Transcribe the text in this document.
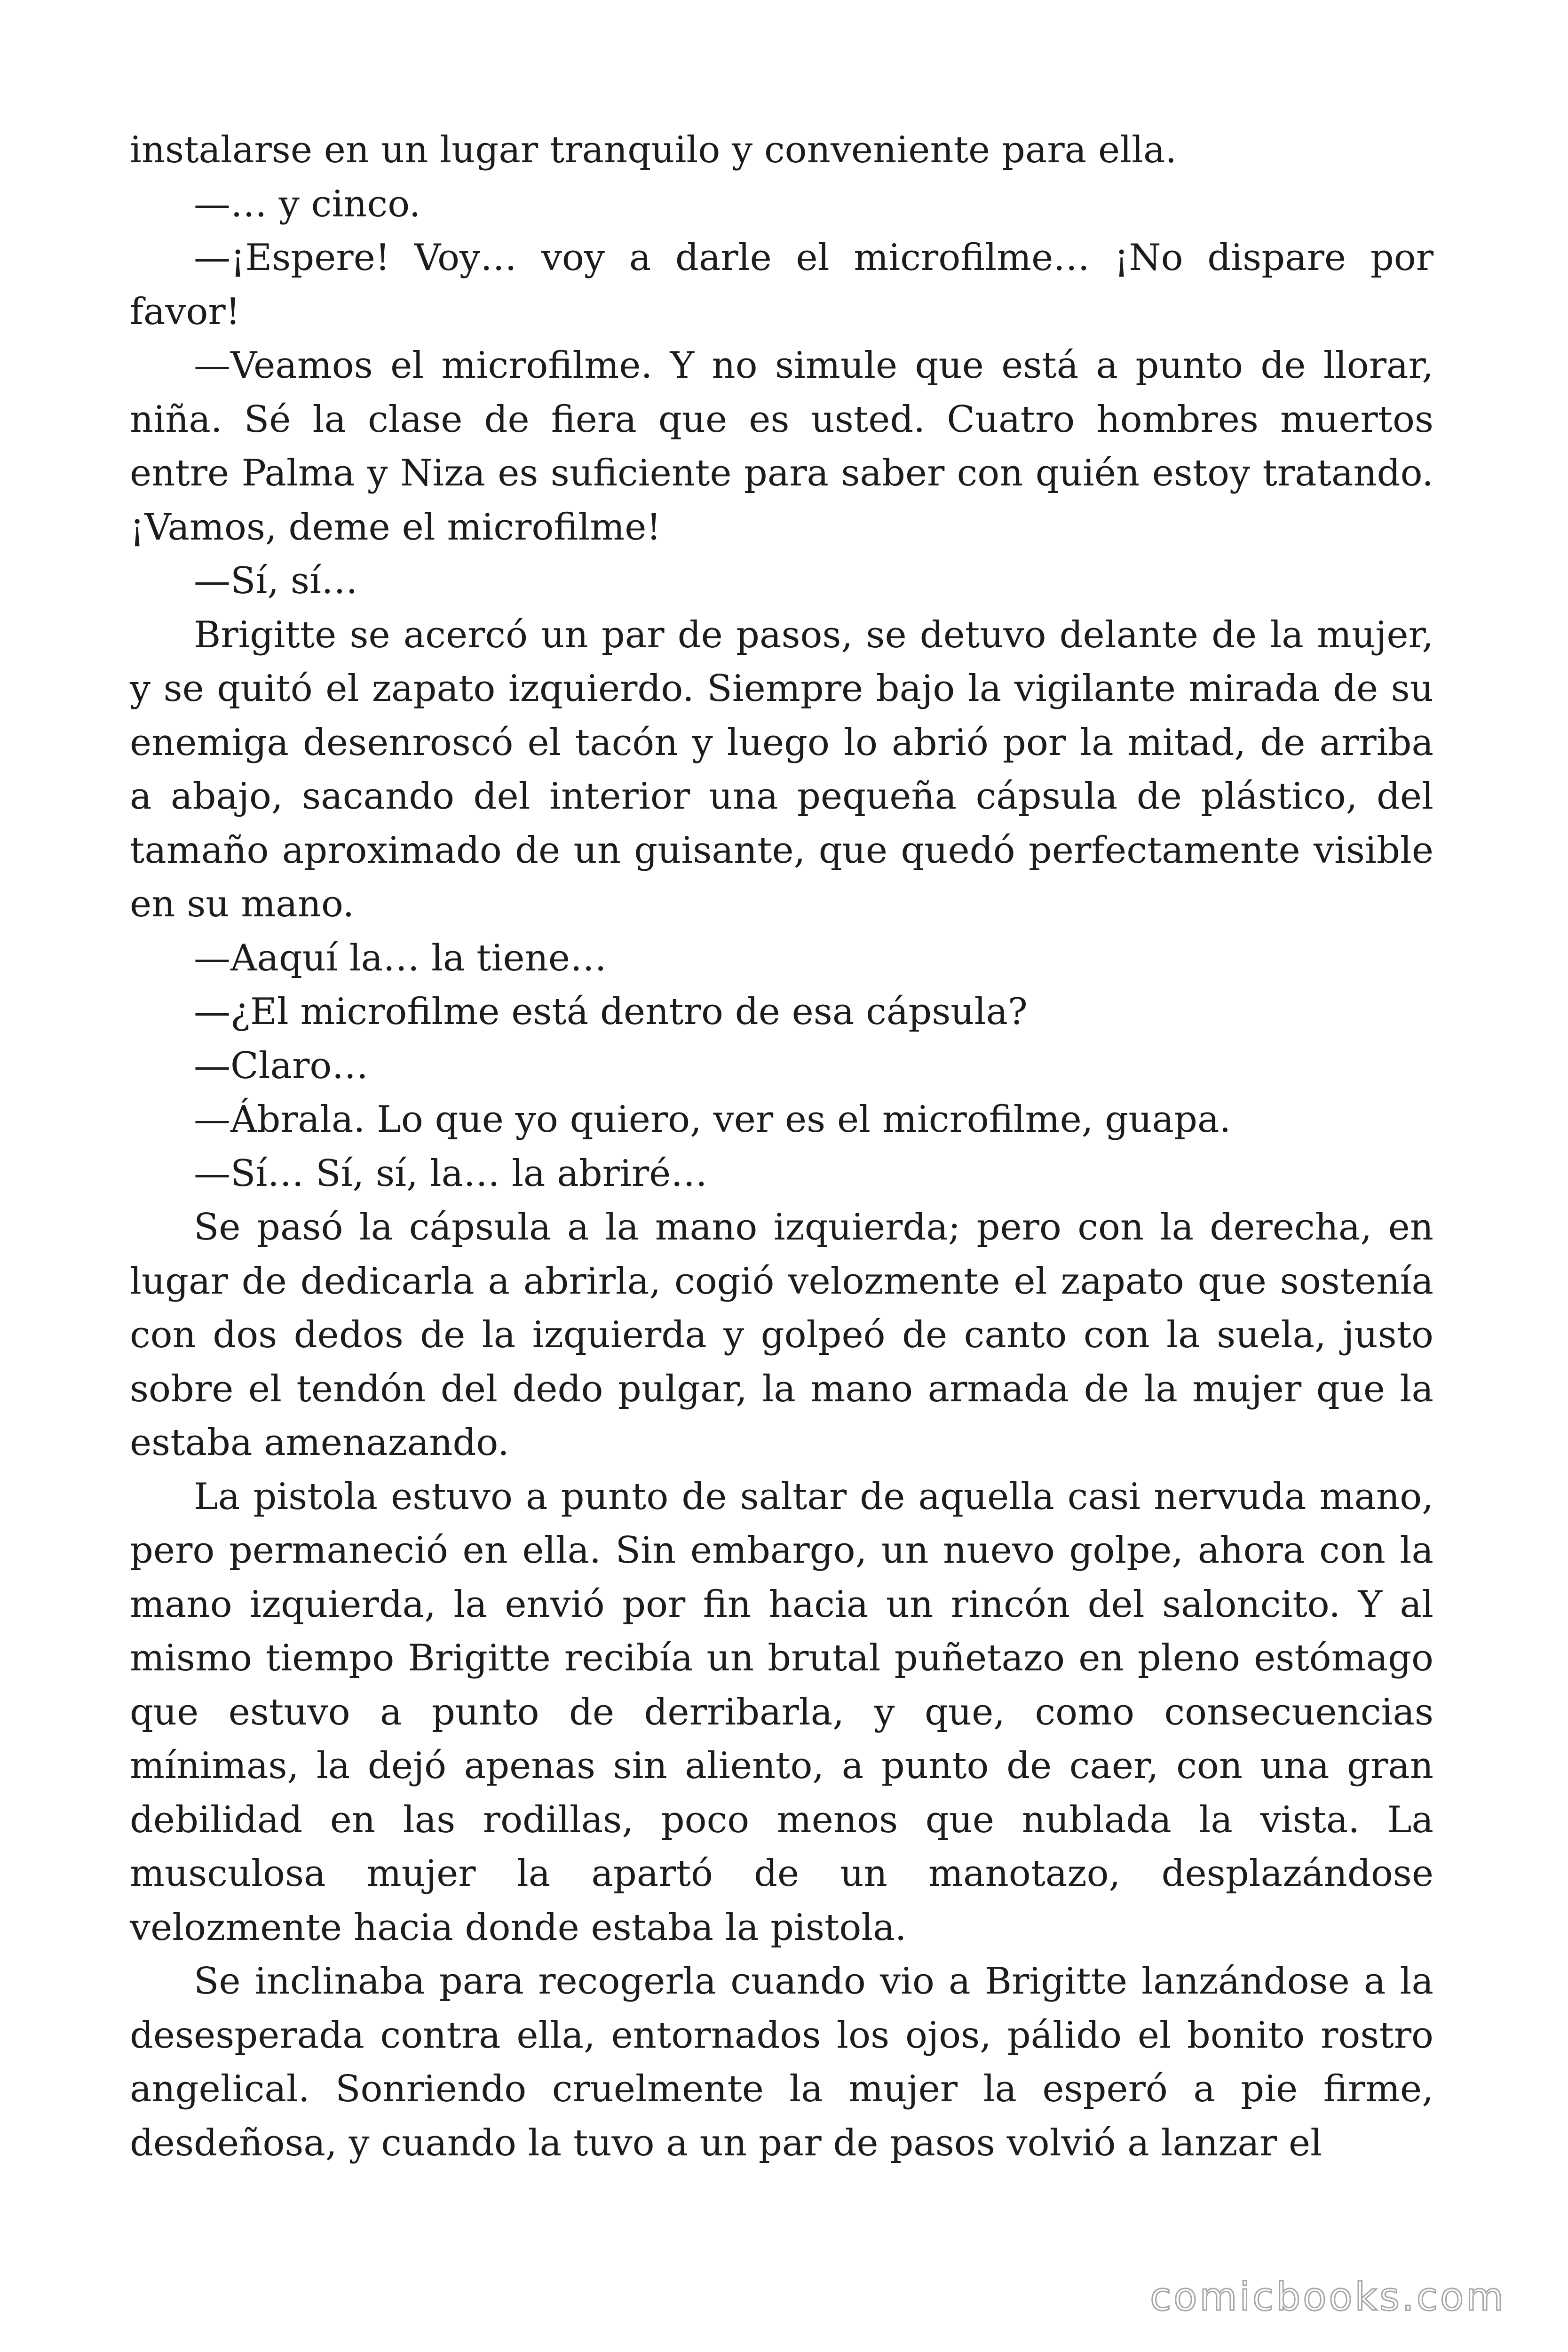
instalarse en un lugar tranquilo y conveniente para ella.

—… y cinco.

—¡Espere! Voy… voy a darle el microfilme… ¡No dispare por favor!

—Veamos el microfilme. Y no simule que está a punto de llorar, niña. Sé la clase de fiera que es usted. Cuatro hombres muertos entre Palma y Niza es suficiente para saber con quién estoy tratando. ¡Vamos, deme el microfilme!

—Sí, sí…

Brigitte se acercó un par de pasos, se detuvo delante de la mujer, y se quitó el zapato izquierdo. Siempre bajo la vigilante mirada de su enemiga desenroscó el tacón y luego lo abrió por la mitad, de arriba a abajo, sacando del interior una pequeña cápsula de plástico, del tamaño aproximado de un guisante, que quedó perfectamente visible en su mano.

—Aaquí la… la tiene…

—¿El microfilme está dentro de esa cápsula?

—Claro…

—Ábrala. Lo que yo quiero, ver es el microfilme, guapa.

—Sí… Sí, sí, la… la abriré…

Se pasó la cápsula a la mano izquierda; pero con la derecha, en lugar de dedicarla a abrirla, cogió velozmente el zapato que sostenía con dos dedos de la izquierda y golpeó de canto con la suela, justo sobre el tendón del dedo pulgar, la mano armada de la mujer que la estaba amenazando.

La pistola estuvo a punto de saltar de aquella casi nervuda mano, pero permaneció en ella. Sin embargo, un nuevo golpe, ahora con la mano izquierda, la envió por fin hacia un rincón del saloncito. Y al mismo tiempo Brigitte recibía un brutal puñetazo en pleno estómago que estuvo a punto de derribarla, y que, como consecuencias mínimas, la dejó apenas sin aliento, a punto de caer, con una gran debilidad en las rodillas, poco menos que nublada la vista. La musculosa mujer la apartó de un manotazo, desplazándose velozmente hacia donde estaba la pistola.

Se inclinaba para recogerla cuando vio a Brigitte lanzándose a la desesperada contra ella, entornados los ojos, pálido el bonito rostro angelical. Sonriendo cruelmente la mujer la esperó a pie firme, desdeñosa, y cuando la tuvo a un par de pasos volvió a lanzar el

comicbooks.com
